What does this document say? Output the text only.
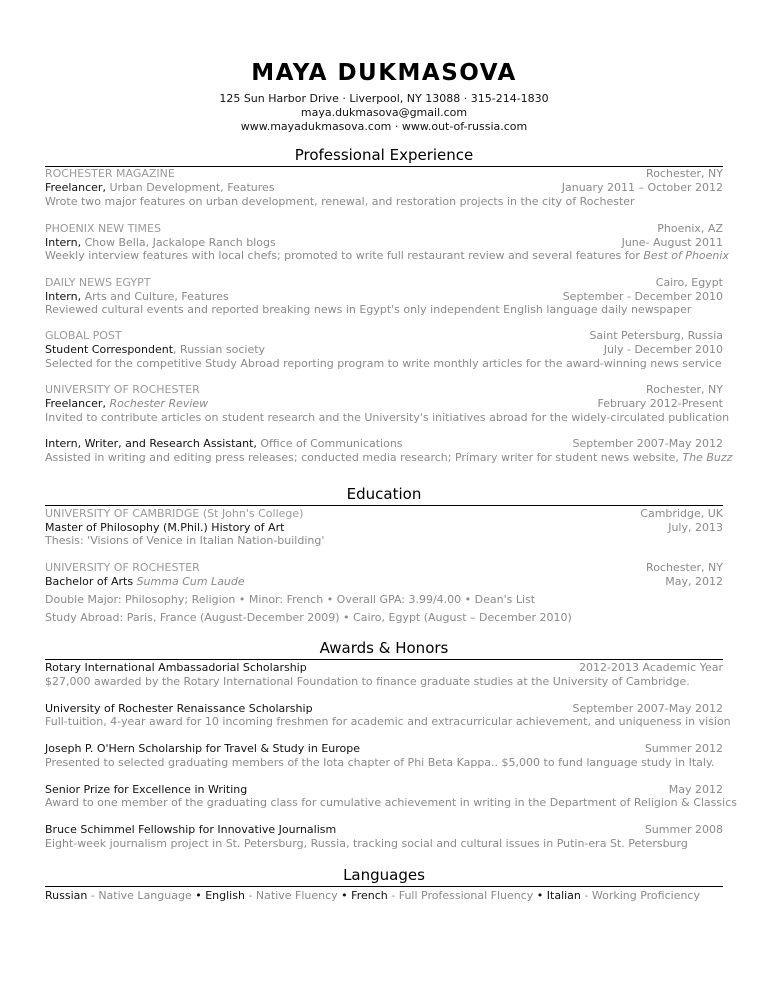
MAYA DUKMASOVA
125 Sun Harbor Drive · Liverpool, NY 13088 · 315-214-1830
maya.dukmasova@gmail.com
www.mayadukmasova.com · www.out-of-russia.com
Professional Experience
ROCHESTER MAGAZINE	Rochester, NY
Freelancer, Urban Development, Features	January 2011 – October 2012
Wrote two major features on urban development, renewal, and restoration projects in the city of Rochester
PHOENIX NEW TIMES	Phoenix, AZ
Intern, Chow Bella, Jackalope Ranch blogs	June- August 2011
Weekly interview features with local chefs; promoted to write full restaurant review and several features for Best of Phoenix
DAILY NEWS EGYPT	Cairo, Egypt
Intern, Arts and Culture, Features	September - December 2010
Reviewed cultural events and reported breaking news in Egypt's only independent English language daily newspaper
GLOBAL POST	Saint Petersburg, Russia
Student Correspondent, Russian society	July - December 2010
Selected for the competitive Study Abroad reporting program to write monthly articles for the award-winning news service
UNIVERSITY OF ROCHESTER	Rochester, NY
Freelancer, Rochester Review	February 2012-Present
Invited to contribute articles on student research and the University's initiatives abroad for the widely-circulated publication
Intern, Writer, and Research Assistant, Office of Communications	September 2007-May 2012
Assisted in writing and editing press releases; conducted media research; Primary writer for student news website, The Buzz
Education
UNIVERSITY OF CAMBRIDGE (St John's College)	Cambridge, UK
Master of Philosophy (M.Phil.) History of Art	July, 2013
Thesis: 'Visions of Venice in Italian Nation-building'
UNIVERSITY OF ROCHESTER	Rochester, NY
Bachelor of Arts Summa Cum Laude	May, 2012
Double Major: Philosophy; Religion • Minor: French • Overall GPA: 3.99/4.00 • Dean's List
Study Abroad: Paris, France (August-December 2009) • Cairo, Egypt (August – December 2010)
Awards & Honors
Rotary International Ambassadorial Scholarship	2012-2013 Academic Year
$27,000 awarded by the Rotary International Foundation to finance graduate studies at the University of Cambridge.
University of Rochester Renaissance Scholarship	September 2007-May 2012
Full-tuition, 4-year award for 10 incoming freshmen for academic and extracurricular achievement, and uniqueness in vision
Joseph P. O'Hern Scholarship for Travel & Study in Europe	Summer 2012
Presented to selected graduating members of the Iota chapter of Phi Beta Kappa.. $5,000 to fund language study in Italy.
Senior Prize for Excellence in Writing	May 2012
Award to one member of the graduating class for cumulative achievement in writing in the Department of Religion & Classics
Bruce Schimmel Fellowship for Innovative Journalism	Summer 2008
Eight-week journalism project in St. Petersburg, Russia, tracking social and cultural issues in Putin-era St. Petersburg
Languages
Russian - Native Language • English - Native Fluency • French - Full Professional Fluency • Italian - Working Proficiency
